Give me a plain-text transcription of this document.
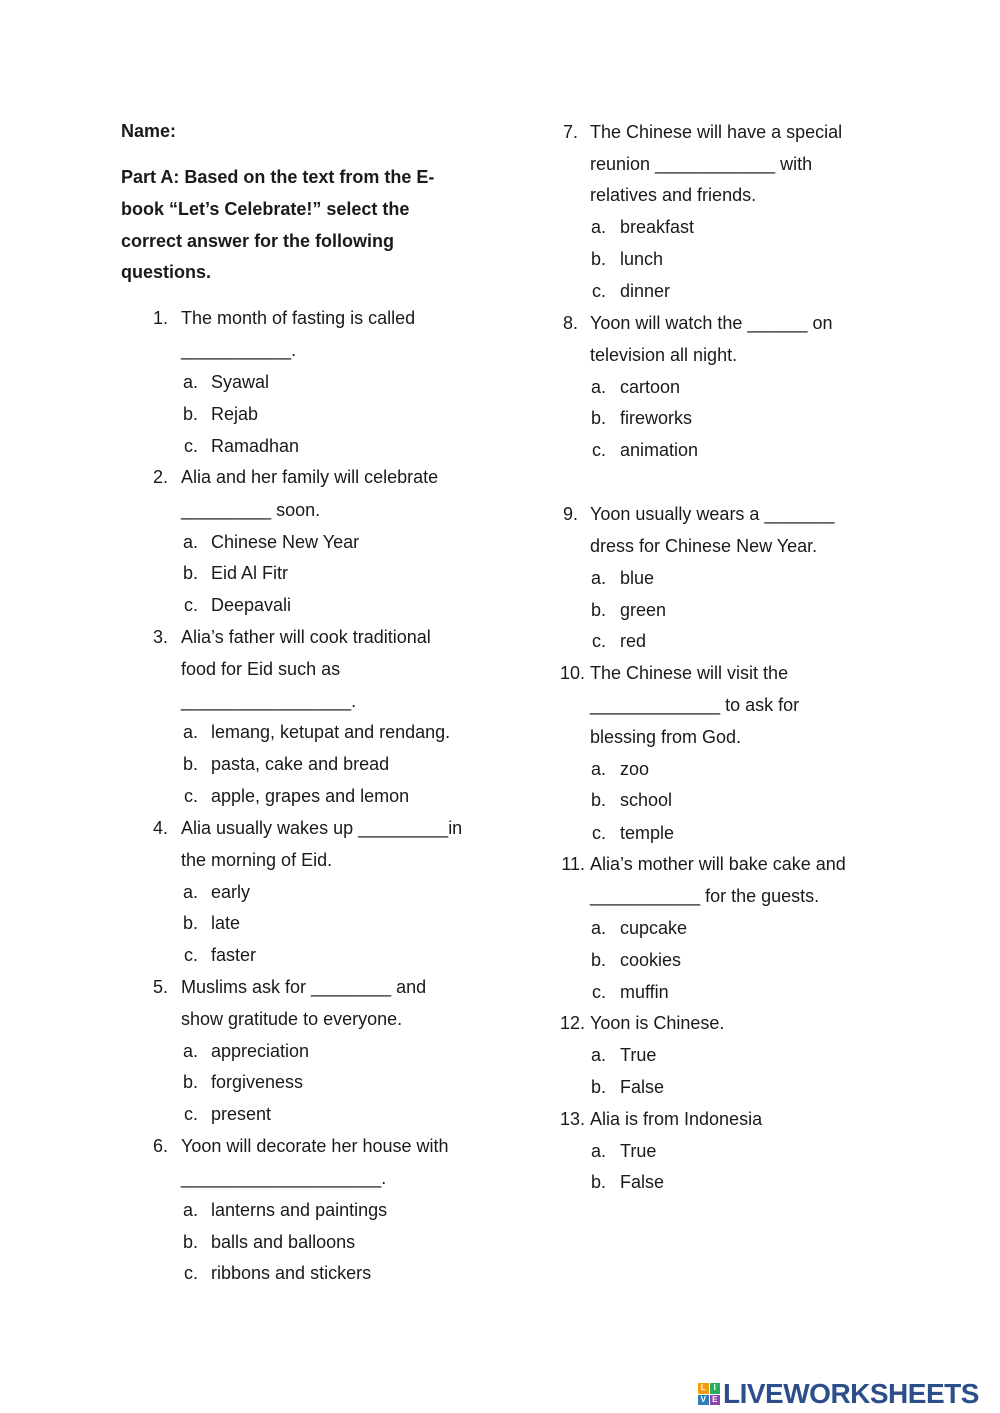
Name:
Part A: Based on the text from the E-
book “Let’s Celebrate!” select the
correct answer for the following
questions.
1. The month of fasting is called
___________.
a. Syawal
b. Rejab
c. Ramadhan
2. Alia and her family will celebrate
_________ soon.
a. Chinese New Year
b. Eid Al Fitr
c. Deepavali
3. Alia’s father will cook traditional
food for Eid such as
_________________.
a. lemang, ketupat and rendang.
b. pasta, cake and bread
c. apple, grapes and lemon
4. Alia usually wakes up _________in
the morning of Eid.
a. early
b. late
c. faster
5. Muslims ask for ________ and
show gratitude to everyone.
a. appreciation
b. forgiveness
c. present
6. Yoon will decorate her house with
____________________.
a. lanterns and paintings
b. balls and balloons
c. ribbons and stickers
7. The Chinese will have a special
reunion ____________ with
relatives and friends.
a. breakfast
b. lunch
c. dinner
8. Yoon will watch the ______ on
television all night.
a. cartoon
b. fireworks
c. animation
9. Yoon usually wears a _______
dress for Chinese New Year.
a. blue
b. green
c. red
10. The Chinese will visit the
_____________ to ask for
blessing from God.
a. zoo
b. school
c. temple
11. Alia’s mother will bake cake and
___________ for the guests.
a. cupcake
b. cookies
c. muffin
12. Yoon is Chinese.
a. True
b. False
13. Alia is from Indonesia
a. True
b. False
L I
V E LIVEWORKSHEETS
